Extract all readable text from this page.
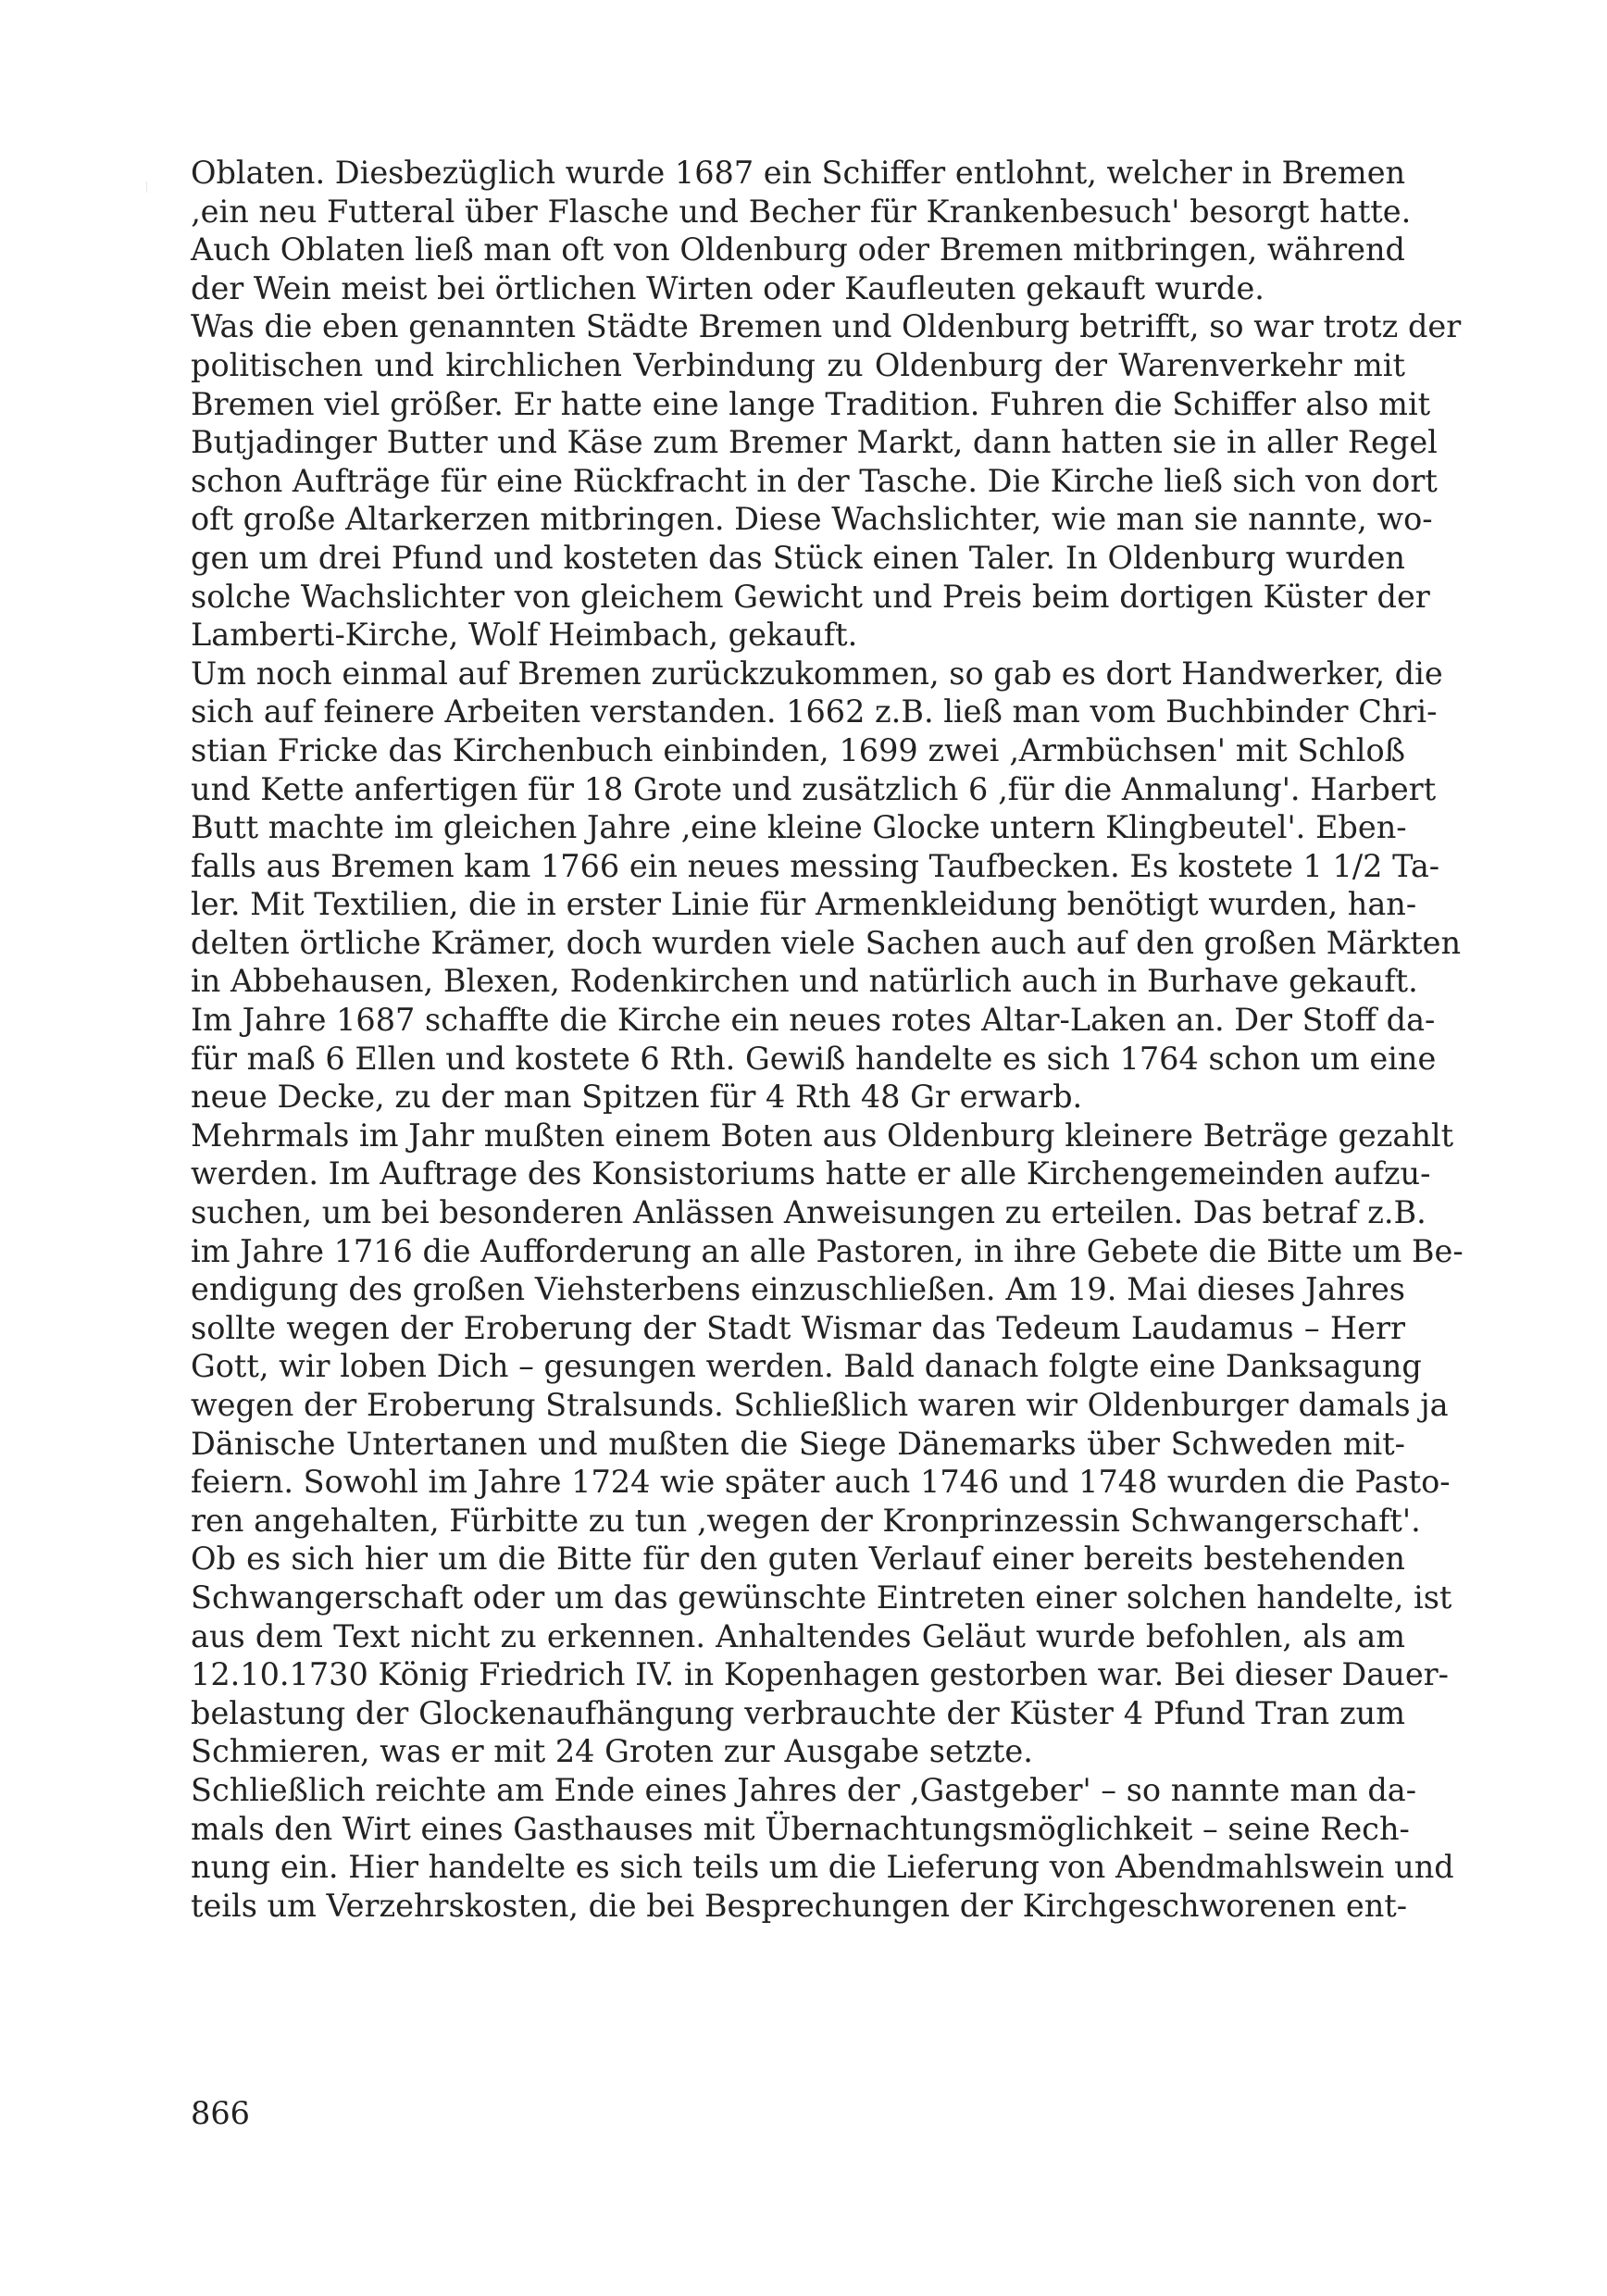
Oblaten. Diesbezüglich wurde 1687 ein Schiffer entlohnt, welcher in Bremen
‚ein neu Futteral über Flasche und Becher für Krankenbesuch' besorgt hatte.
Auch Oblaten ließ man oft von Oldenburg oder Bremen mitbringen, während
der Wein meist bei örtlichen Wirten oder Kaufleuten gekauft wurde.
Was die eben genannten Städte Bremen und Oldenburg betrifft, so war trotz der
politischen und kirchlichen Verbindung zu Oldenburg der Warenverkehr mit
Bremen viel größer. Er hatte eine lange Tradition. Fuhren die Schiffer also mit
Butjadinger Butter und Käse zum Bremer Markt, dann hatten sie in aller Regel
schon Aufträge für eine Rückfracht in der Tasche. Die Kirche ließ sich von dort
oft große Altarkerzen mitbringen. Diese Wachslichter, wie man sie nannte, wo-
gen um drei Pfund und kosteten das Stück einen Taler. In Oldenburg wurden
solche Wachslichter von gleichem Gewicht und Preis beim dortigen Küster der
Lamberti-Kirche, Wolf Heimbach, gekauft.
Um noch einmal auf Bremen zurückzukommen, so gab es dort Handwerker, die
sich auf feinere Arbeiten verstanden. 1662 z.B. ließ man vom Buchbinder Chri-
stian Fricke das Kirchenbuch einbinden, 1699 zwei ‚Armbüchsen' mit Schloß
und Kette anfertigen für 18 Grote und zusätzlich 6 ‚für die Anmalung'. Harbert
Butt machte im gleichen Jahre ‚eine kleine Glocke untern Klingbeutel'. Eben-
falls aus Bremen kam 1766 ein neues messing Taufbecken. Es kostete 1 1/2 Ta-
ler. Mit Textilien, die in erster Linie für Armenkleidung benötigt wurden, han-
delten örtliche Krämer, doch wurden viele Sachen auch auf den großen Märkten
in Abbehausen, Blexen, Rodenkirchen und natürlich auch in Burhave gekauft.
Im Jahre 1687 schaffte die Kirche ein neues rotes Altar-Laken an. Der Stoff da-
für maß 6 Ellen und kostete 6 Rth. Gewiß handelte es sich 1764 schon um eine
neue Decke, zu der man Spitzen für 4 Rth 48 Gr erwarb.
Mehrmals im Jahr mußten einem Boten aus Oldenburg kleinere Beträge gezahlt
werden. Im Auftrage des Konsistoriums hatte er alle Kirchengemeinden aufzu-
suchen, um bei besonderen Anlässen Anweisungen zu erteilen. Das betraf z.B.
im Jahre 1716 die Aufforderung an alle Pastoren, in ihre Gebete die Bitte um Be-
endigung des großen Viehsterbens einzuschließen. Am 19. Mai dieses Jahres
sollte wegen der Eroberung der Stadt Wismar das Tedeum Laudamus – Herr
Gott, wir loben Dich – gesungen werden. Bald danach folgte eine Danksagung
wegen der Eroberung Stralsunds. Schließlich waren wir Oldenburger damals ja
Dänische Untertanen und mußten die Siege Dänemarks über Schweden mit-
feiern. Sowohl im Jahre 1724 wie später auch 1746 und 1748 wurden die Pasto-
ren angehalten, Fürbitte zu tun ‚wegen der Kronprinzessin Schwangerschaft'.
Ob es sich hier um die Bitte für den guten Verlauf einer bereits bestehenden
Schwangerschaft oder um das gewünschte Eintreten einer solchen handelte, ist
aus dem Text nicht zu erkennen. Anhaltendes Geläut wurde befohlen, als am
12.10.1730 König Friedrich IV. in Kopenhagen gestorben war. Bei dieser Dauer-
belastung der Glockenaufhängung verbrauchte der Küster 4 Pfund Tran zum
Schmieren, was er mit 24 Groten zur Ausgabe setzte.
Schließlich reichte am Ende eines Jahres der ‚Gastgeber' – so nannte man da-
mals den Wirt eines Gasthauses mit Übernachtungsmöglichkeit – seine Rech-
nung ein. Hier handelte es sich teils um die Lieferung von Abendmahlswein und
teils um Verzehrskosten, die bei Besprechungen der Kirchgeschworenen ent-
866
